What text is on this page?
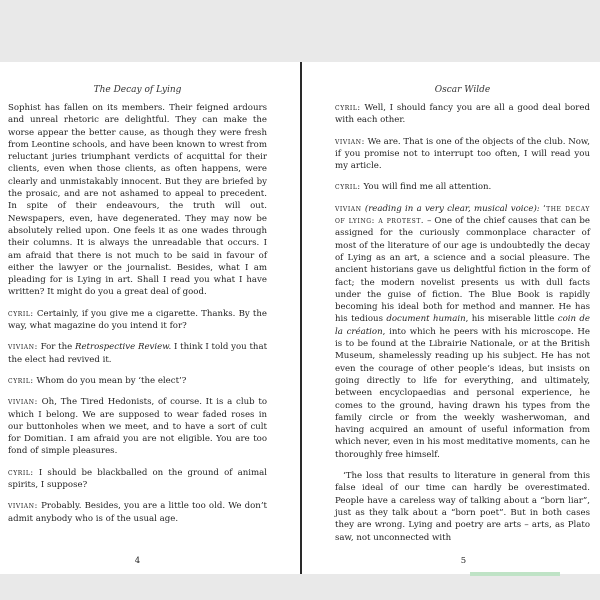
The Decay of Lying

Sophist has fallen on its members. Their feigned ardours and unreal rhetoric are delightful. They can make the worse appear the better cause, as though they were fresh from Leontine schools, and have been known to wrest from reluctant juries triumphant verdicts of acquittal for their clients, even when those clients, as often happens, were clearly and unmistakably innocent. But they are briefed by the prosaic, and are not ashamed to appeal to precedent. In spite of their endeavours, the truth will out. Newspapers, even, have degenerated. They may now be absolutely relied upon. One feels it as one wades through their columns. It is always the unreadable that occurs. I am afraid that there is not much to be said in favour of either the lawyer or the journalist. Besides, what I am pleading for is Lying in art. Shall I read you what I have written? It might do you a great deal of good.

cyril: Certainly, if you give me a cigarette. Thanks. By the way, what magazine do you intend it for?

vivian: For the Retrospective Review. I think I told you that the elect had revived it.

cyril: Whom do you mean by ‘the elect’?

vivian: Oh, The Tired Hedonists, of course. It is a club to which I belong. We are supposed to wear faded roses in our buttonholes when we meet, and to have a sort of cult for Domitian. I am afraid you are not eligible. You are too fond of simple pleasures.

cyril: I should be blackballed on the ground of animal spirits, I suppose?

vivian: Probably. Besides, you are a little too old. We don’t admit anybody who is of the usual age.

4
Oscar Wilde

cyril: Well, I should fancy you are all a good deal bored with each other.

vivian: We are. That is one of the objects of the club. Now, if you promise not to interrupt too often, I will read you my article.

cyril: You will find me all attention.

vivian (reading in a very clear, musical voice): ‘the decay of lying: a protest. – One of the chief causes that can be assigned for the curiously commonplace character of most of the literature of our age is undoubtedly the decay of Lying as an art, a science and a social pleasure. The ancient historians gave us delightful fiction in the form of fact; the modern novelist presents us with dull facts under the guise of fiction. The Blue Book is rapidly becoming his ideal both for method and manner. He has his tedious document humain, his miserable little coin de la création, into which he peers with his microscope. He is to be found at the Librairie Nationale, or at the British Museum, shamelessly reading up his subject. He has not even the courage of other people’s ideas, but insists on going directly to life for everything, and ultimately, between encyclopaedias and personal experience, he comes to the ground, having drawn his types from the family circle or from the weekly washerwoman, and having acquired an amount of useful information from which never, even in his most meditative moments, can he thoroughly free himself.

‘The loss that results to literature in general from this false ideal of our time can hardly be overestimated. People have a careless way of talking about a “born liar”, just as they talk about a “born poet”. But in both cases they are wrong. Lying and poetry are arts – arts, as Plato saw, not unconnected with

5
